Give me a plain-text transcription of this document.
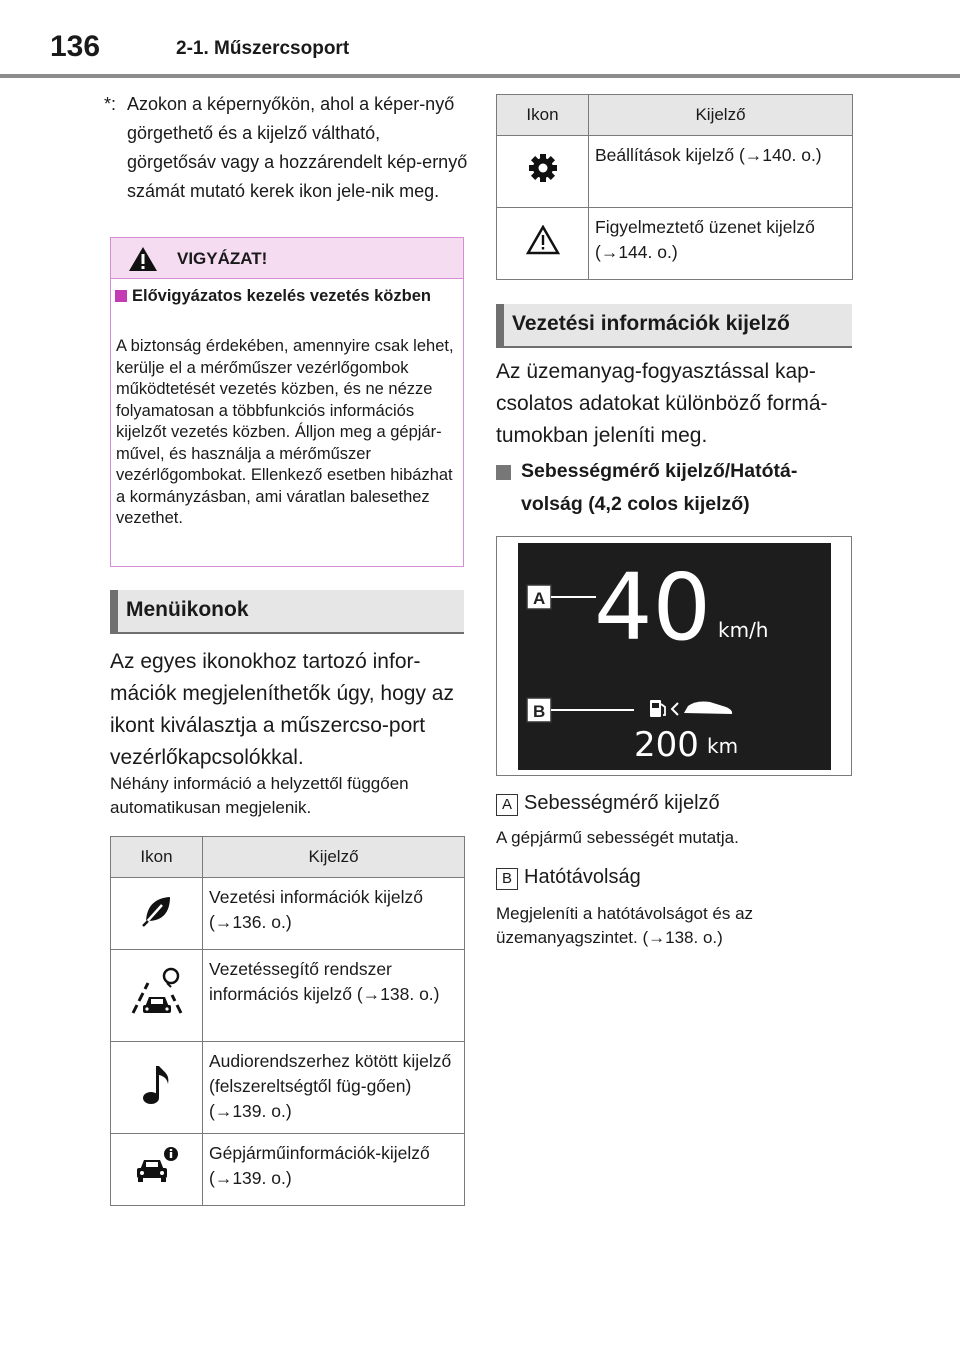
136	2-1. Műszercsoport
*: Azokon a képernyőkön, ahol a képer-nyő görgethető és a kijelző váltható, görgetősáv vagy a hozzárendelt kép-ernyő számát mutató kerek ikon jele-nik meg.
VIGYÁZAT!
Elővigyázatos kezelés vezetés közben
A biztonság érdekében, amennyire csak lehet, kerülje el a mérőműszer vezérlőgombok működtetését vezetés közben, és ne nézze folyamatosan a többfunkciós információs kijelzőt vezetés közben. Álljon meg a gépjár-művel, és használja a mérőműszer vezérlőgombokat. Ellenkező esetben hibázhat a kormányzásban, ami váratlan balesethez vezethet.
Menüikonok
Az egyes ikonokhoz tartozó infor-mációk megjeleníthetők úgy, hogy az ikont kiválasztja a műszercso-port vezérlőkapcsolókkal.
Néhány információ a helyzettől függően automatikusan megjelenik.
Ikon	Kijelző
	Vezetési információk kijelző (→136. o.)
	Vezetéssegítő rendszer információs kijelző (→138. o.)
	Audiorendszerhez kötött kijelző (felszereltségtől füg-gően) (→139. o.)
	Gépjárműinformációk-kijelző (→139. o.)
Ikon	Kijelző
	Beállítások kijelző (→140. o.)
	Figyelmeztető üzenet kijelző (→144. o.)
Vezetési információk kijelző
Az üzemanyag-fogyasztással kap-csolatos adatokat különböző formá-tumokban jeleníti meg.
Sebességmérő kijelző/Hatótá-volság (4,2 colos kijelző)
40 km/h
200 km
A
B
A Sebességmérő kijelző
A gépjármű sebességét mutatja.
B Hatótávolság
Megjeleníti a hatótávolságot és az üzemanyagszintet. (→138. o.)
